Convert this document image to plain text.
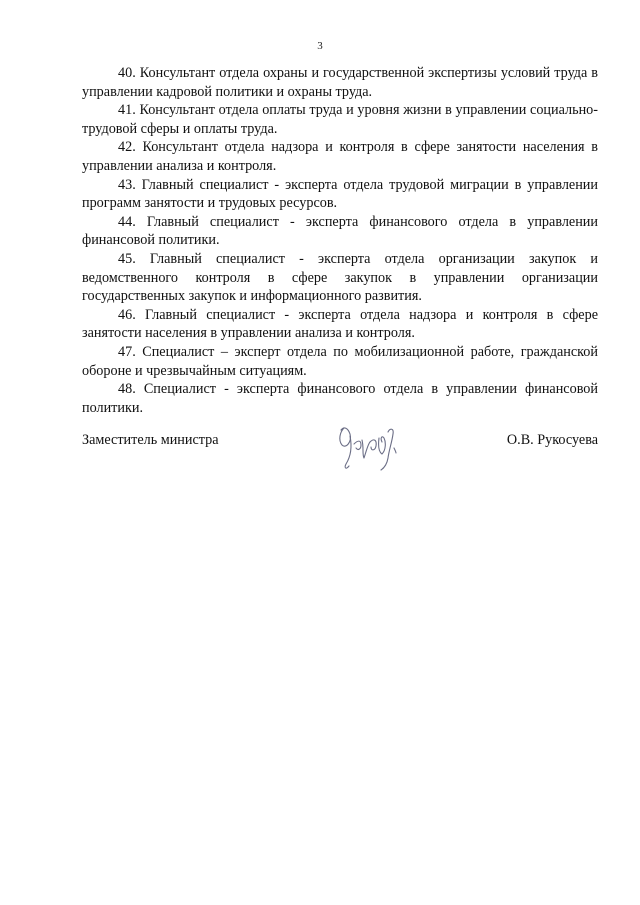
3

40. Консультант отдела охраны и государственной экспертизы условий труда в управлении кадровой политики и охраны труда.

41. Консультант отдела оплаты труда и уровня жизни в управлении социально-трудовой сферы и оплаты труда.

42. Консультант отдела надзора и контроля в сфере занятости населения в управлении анализа и контроля.

43. Главный специалист - эксперта отдела трудовой миграции в управлении программ занятости и трудовых ресурсов.

44. Главный специалист - эксперта финансового отдела в управлении финансовой политики.

45. Главный специалист - эксперта отдела организации закупок и ведомственного контроля в сфере закупок в управлении организации государственных закупок и информационного развития.

46. Главный специалист - эксперта отдела надзора и контроля в сфере занятости населения в управлении анализа и контроля.

47. Специалист – эксперт отдела по мобилизационной работе, гражданской обороне и чрезвычайным ситуациям.

48. Специалист - эксперта финансового отдела в управлении финансовой политики.

Заместитель министра	О.В. Рукосуева
